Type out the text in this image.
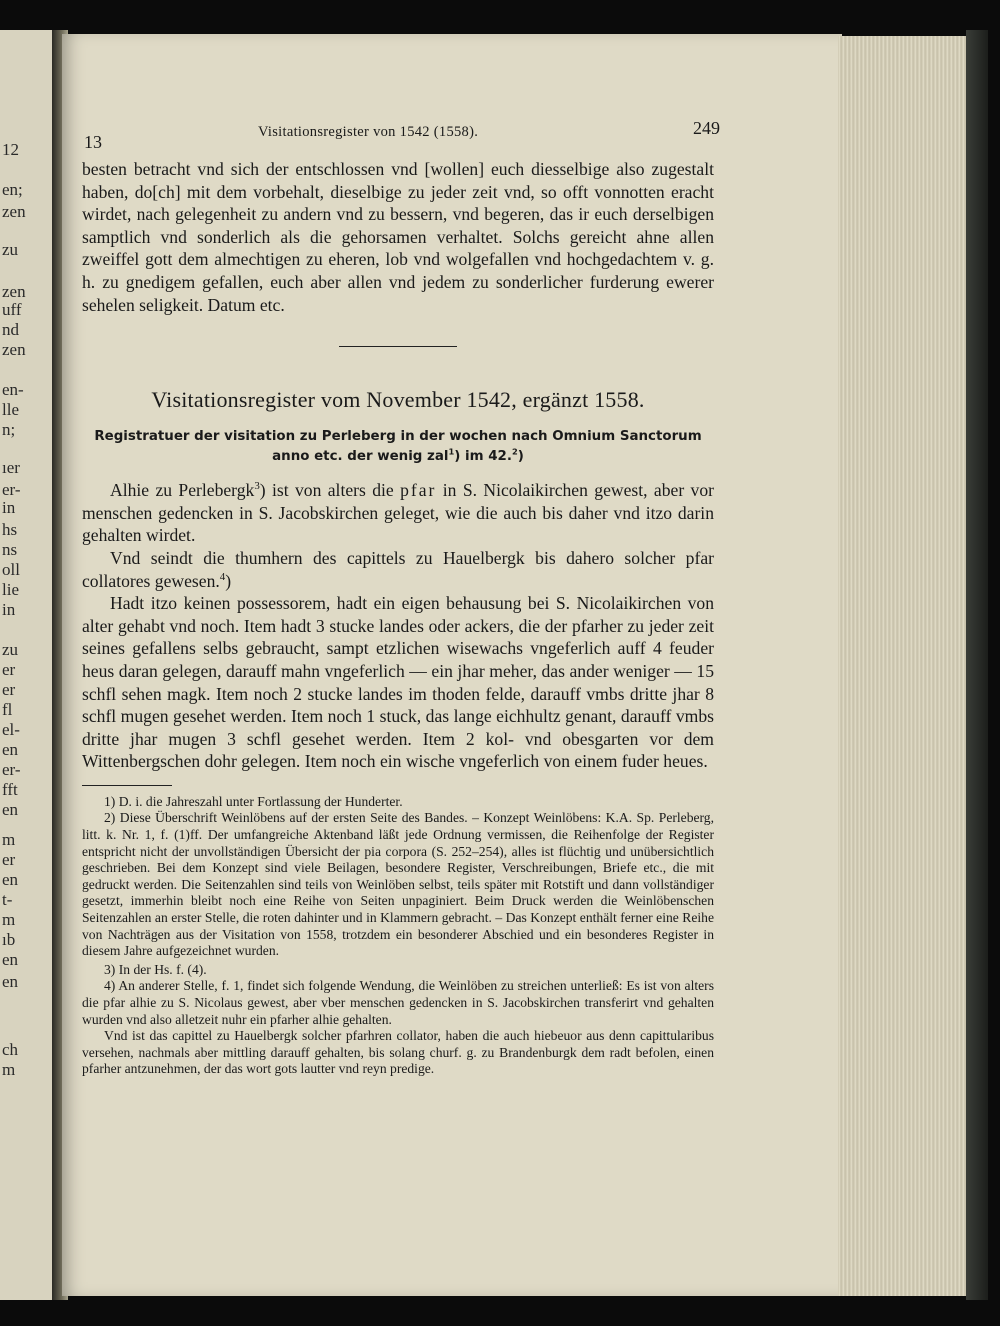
12
en;
zen
zu
zen
uff
nd
zen
en-
lle
n;
ıer
er-
in
hs
ns
oll
lie
in
zu
er
er
fl
el-
en
er-
fft
en
m
er
en
t-
m
ıb
en
en
ch
m
13	Visitationsregister von 1542 (1558).	249

besten betracht vnd sich der entschlossen vnd [wollen] euch diesselbige also zugestalt haben, do[ch] mit dem vorbehalt, dieselbige zu jeder zeit vnd, so offt vonnotten eracht wirdet, nach gelegenheit zu andern vnd zu bessern, vnd begeren, das ir euch derselbigen samptlich vnd sonderlich als die gehorsamen verhaltet. Solchs gereicht ahne allen zweiffel gott dem almechtigen zu eheren, lob vnd wolgefallen vnd hochgedachtem v. g. h. zu gnedigem gefallen, euch aber allen vnd jedem zu sonderlicher furderung ewerer sehelen seligkeit. Datum etc.

Visitationsregister vom November 1542, ergänzt 1558.
Registratuer der visitation zu Perleberg in der wochen nach Omnium Sanctorum anno etc. der wenig zal$^1$) im 42.$^2$)

Alhie zu Perlebergk$^3$) ist von alters die pfar in S. Nicolaikirchen gewest, aber vor menschen gedencken in S. Jacobskirchen geleget, wie die auch bis daher vnd itzo darin gehalten wirdet.

Vnd seindt die thumhern des capittels zu Hauelbergk bis dahero solcher pfar collatores gewesen.$^4$)

Hadt itzo keinen possessorem, hadt ein eigen behausung bei S. Nicolaikirchen von alter gehabt vnd noch. Item hadt 3 stucke landes oder ackers, die der pfarher zu jeder zeit seines gefallens selbs gebraucht, sampt etzlichen wisewachs vngeferlich auff 4 feuder heus daran gelegen, darauff mahn vngeferlich — ein jhar meher, das ander weniger — 15 schfl sehen magk. Item noch 2 stucke landes im thoden felde, darauff vmbs dritte jhar 8 schfl mugen gesehet werden. Item noch 1 stuck, das lange eichhultz genant, darauff vmbs dritte jhar mugen 3 schfl gesehet werden. Item 2 kol- vnd obesgarten vor dem Wittenbergschen dohr gelegen. Item noch ein wische vngeferlich von einem fuder heues.

1) D. i. die Jahreszahl unter Fortlassung der Hunderter.

2) Diese Überschrift Weinlöbens auf der ersten Seite des Bandes. – Konzept Weinlöbens: K.A. Sp. Perleberg, litt. k. Nr. 1, f. (1)ff. Der umfangreiche Aktenband läßt jede Ordnung vermissen, die Reihenfolge der Register entspricht nicht der unvollständigen Übersicht der pia corpora (S. 252–254), alles ist flüchtig und unübersichtlich geschrieben. Bei dem Konzept sind viele Beilagen, besondere Register, Verschreibungen, Briefe etc., die mit gedruckt werden. Die Seitenzahlen sind teils von Weinlöben selbst, teils später mit Rotstift und dann vollständiger gesetzt, immerhin bleibt noch eine Reihe von Seiten unpaginiert. Beim Druck werden die Weinlöbenschen Seitenzahlen an erster Stelle, die roten dahinter und in Klammern gebracht. – Das Konzept enthält ferner eine Reihe von Nachträgen aus der Visitation von 1558, trotzdem ein besonderer Abschied und ein besonderes Register in diesem Jahre aufgezeichnet wurden.

3) In der Hs. f. (4).

4) An anderer Stelle, f. 1, findet sich folgende Wendung, die Weinlöben zu streichen unterließ: Es ist von alters die pfar alhie zu S. Nicolaus gewest, aber vber menschen gedencken in S. Jacobskirchen transferirt vnd gehalten wurden vnd also alletzeit nuhr ein pfarher alhie gehalten.

Vnd ist das capittel zu Hauelbergk solcher pfarhren collator, haben die auch hiebeuor aus denn capittularibus versehen, nachmals aber mittling darauff gehalten, bis solang churf. g. zu Brandenburgk dem radt befolen, einen pfarher antzunehmen, der das wort gots lautter vnd reyn predige.
